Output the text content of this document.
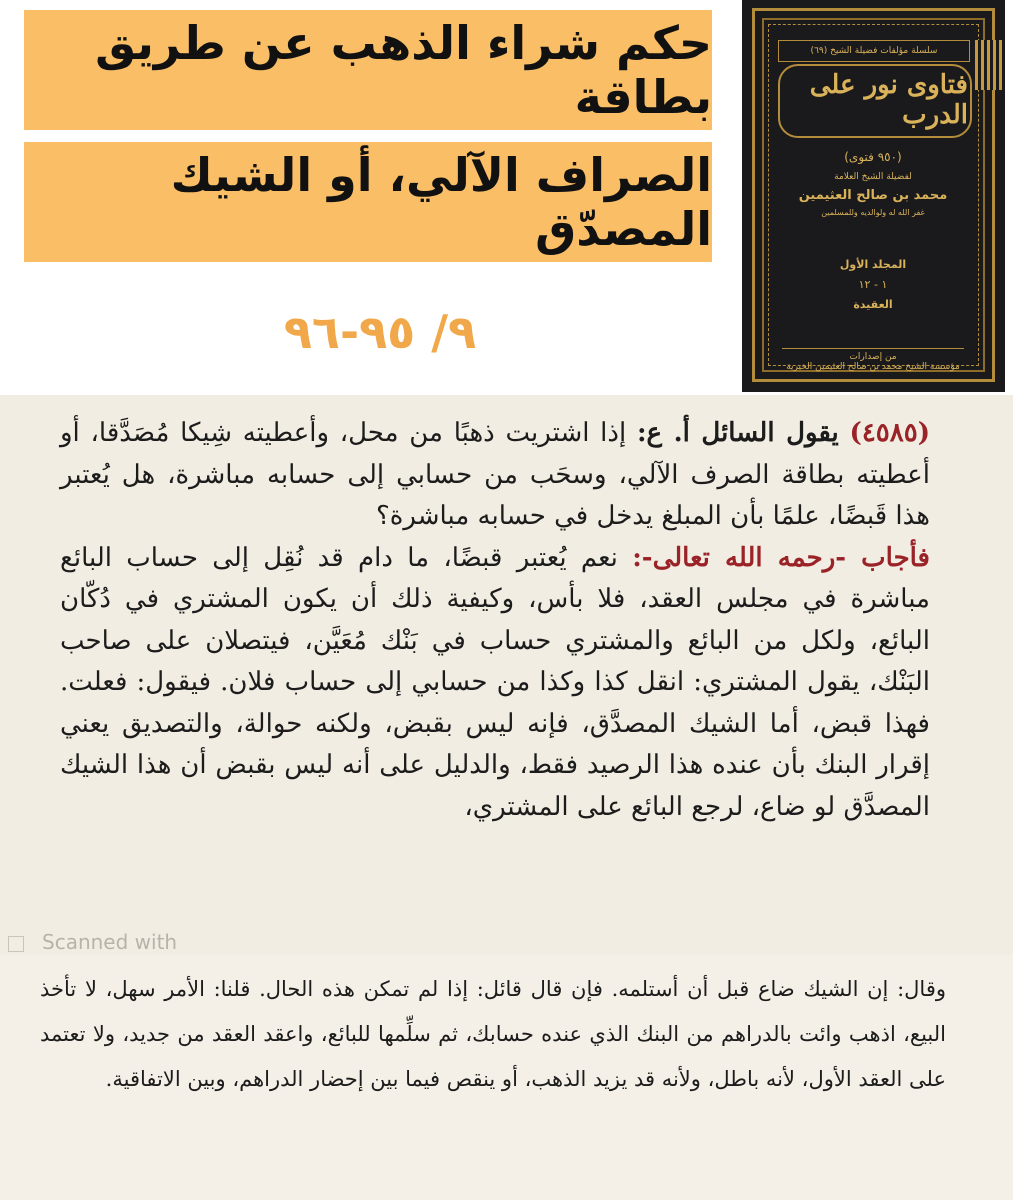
حكم شراء الذهب عن طريق بطاقة
الصراف الآلي، أو الشيك المصدّق
٩/ ٩٥-٩٦
سلسلة مؤلفات فضيلة الشيخ (٦٩)
فتاوى نور على الدرب
(٩٥٠ فتوى)
لفضيلة الشيخ العلامة
محمد بن صالح العثيمين
غفر الله له ولوالديه وللمسلمين
المجلد الأول
١ - ١٢
العقيدة
من إصدارات
مؤسسة الشيخ محمد بن صالح العثيمين الخيرية
(٤٥٨٥) يقول السائل أ. ع: إذا اشتريت ذهبًا من محل، وأعطيته شِيكا مُصَدَّقا، أو أعطيته بطاقة الصرف الآلي، وسحَب من حسابي إلى حسابه مباشرة، هل يُعتبر هذا قَبضًا، علمًا بأن المبلغ يدخل في حسابه مباشرة؟
فأجاب -رحمه الله تعالى-: نعم يُعتبر قبضًا، ما دام قد نُقِل إلى حساب البائع مباشرة في مجلس العقد، فلا بأس، وكيفية ذلك أن يكون المشتري في دُكّان البائع، ولكل من البائع والمشتري حساب في بَنْك مُعَيَّن، فيتصلان على صاحب البَنْك، يقول المشتري: انقل كذا وكذا من حسابي إلى حساب فلان. فيقول: فعلت. فهذا قبض، أما الشيك المصدَّق، فإنه ليس بقبض، ولكنه حوالة، والتصديق يعني إقرار البنك بأن عنده هذا الرصيد فقط، والدليل على أنه ليس بقبض أن هذا الشيك المصدَّق لو ضاع، لرجع البائع على المشتري،
Scanned with
وقال: إن الشيك ضاع قبل أن أستلمه. فإن قال قائل: إذا لم تمكن هذه الحال. قلنا: الأمر سهل، لا تأخذ البيع، اذهب وائت بالدراهم من البنك الذي عنده حسابك، ثم سلِّمها للبائع، واعقد العقد من جديد، ولا تعتمد على العقد الأول، لأنه باطل، ولأنه قد يزيد الذهب، أو ينقص فيما بين إحضار الدراهم، وبين الاتفاقية.
